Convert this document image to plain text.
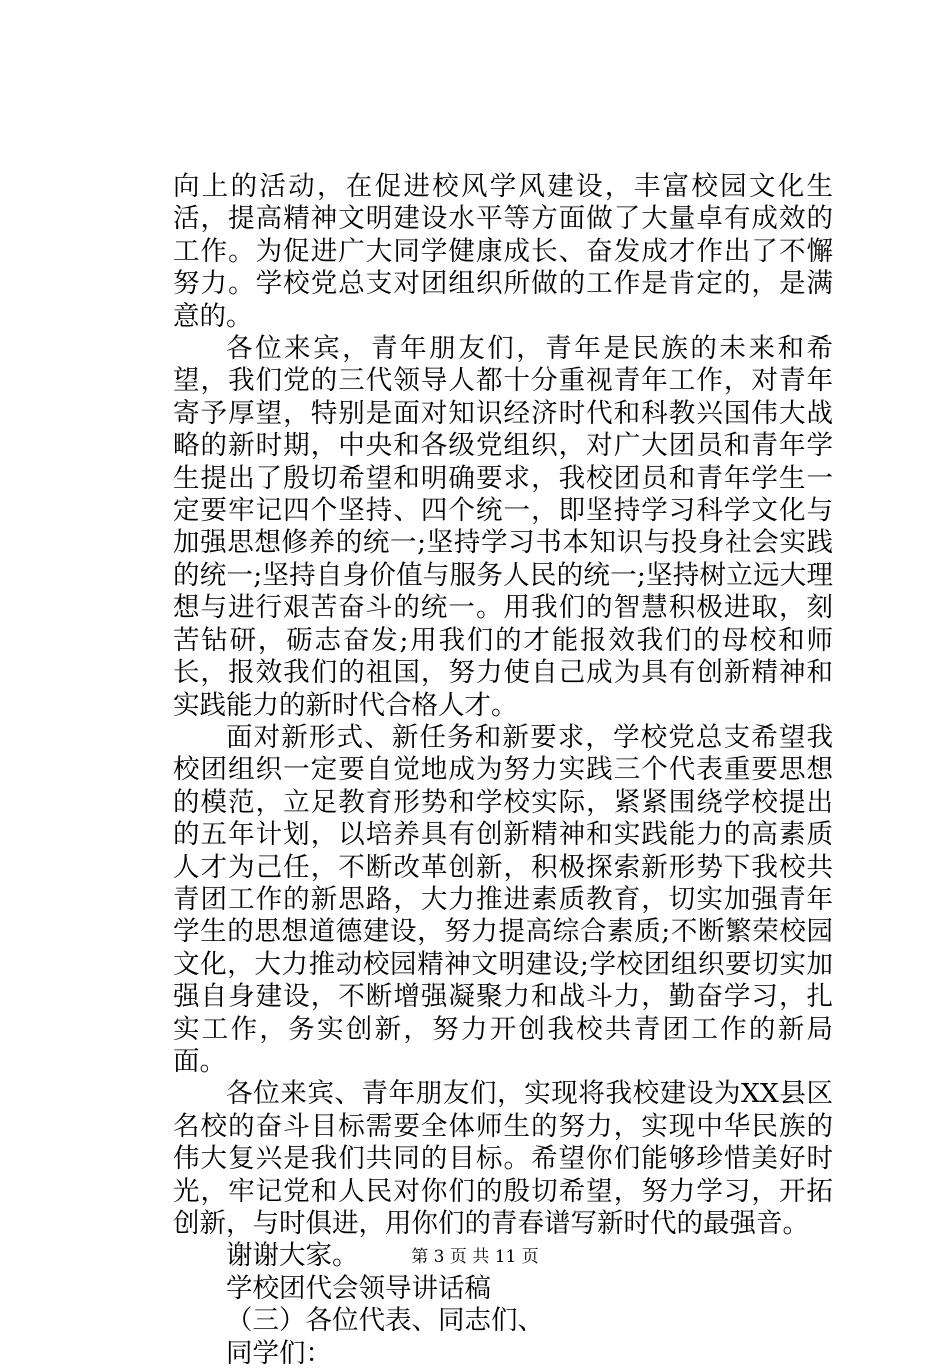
向上的活动，在促进校风学风建设，丰富校园文化生活，提高精神文明建设水平等方面做了大量卓有成效的工作。为促进广大同学健康成长、奋发成才作出了不懈努力。学校党总支对团组织所做的工作是肯定的，是满意的。

各位来宾，青年朋友们，青年是民族的未来和希望，我们党的三代领导人都十分重视青年工作，对青年寄予厚望，特别是面对知识经济时代和科教兴国伟大战略的新时期，中央和各级党组织，对广大团员和青年学生提出了殷切希望和明确要求，我校团员和青年学生一定要牢记四个坚持、四个统一，即坚持学习科学文化与加强思想修养的统一;坚持学习书本知识与投身社会实践的统一;坚持自身价值与服务人民的统一;坚持树立远大理想与进行艰苦奋斗的统一。用我们的智慧积极进取，刻苦钻研，砺志奋发;用我们的才能报效我们的母校和师长，报效我们的祖国，努力使自己成为具有创新精神和实践能力的新时代合格人才。

面对新形式、新任务和新要求，学校党总支希望我校团组织一定要自觉地成为努力实践三个代表重要思想的模范，立足教育形势和学校实际，紧紧围绕学校提出的五年计划，以培养具有创新精神和实践能力的高素质人才为己任，不断改革创新，积极探索新形势下我校共青团工作的新思路，大力推进素质教育，切实加强青年学生的思想道德建设，努力提高综合素质;不断繁荣校园文化，大力推动校园精神文明建设;学校团组织要切实加强自身建设，不断增强凝聚力和战斗力，勤奋学习，扎实工作，务实创新，努力开创我校共青团工作的新局面。

各位来宾、青年朋友们，实现将我校建设为XX县区名校的奋斗目标需要全体师生的努力，实现中华民族的伟大复兴是我们共同的目标。希望你们能够珍惜美好时光，牢记党和人民对你们的殷切希望，努力学习，开拓创新，与时俱进，用你们的青春谱写新时代的最强音。

谢谢大家。

学校团代会领导讲话稿

（三）各位代表、同志们、

同学们：

第 3 页 共 11 页
